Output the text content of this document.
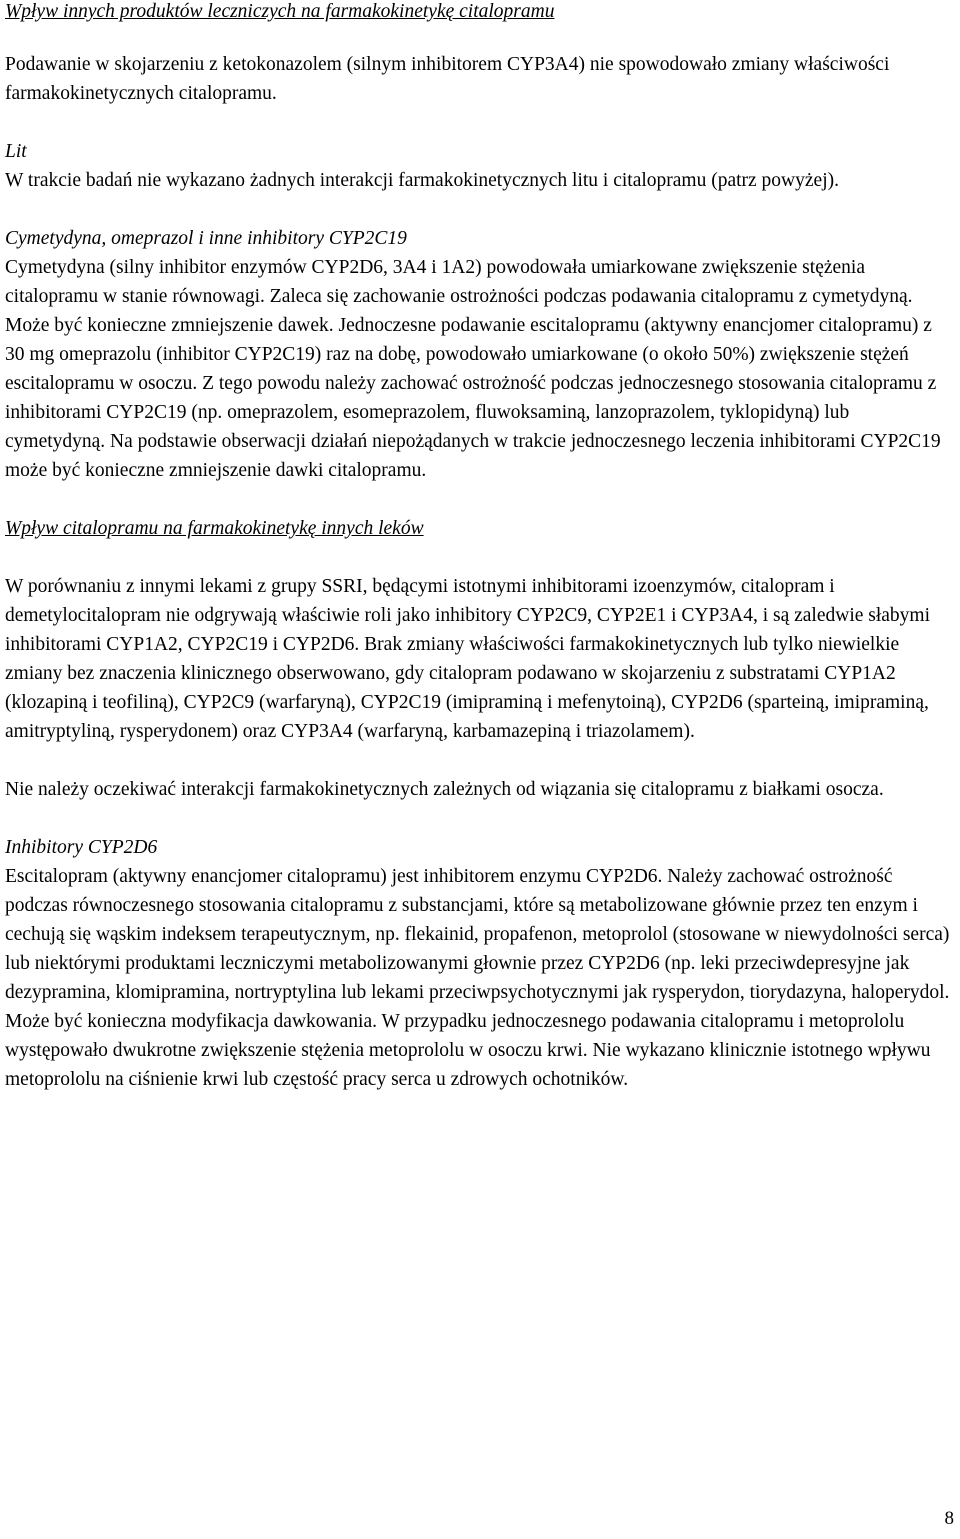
Wpływ innych produktów leczniczych na farmakokinetykę citalopramu

Podawanie w skojarzeniu z ketokonazolem (silnym inhibitorem CYP3A4) nie spowodowało zmiany właściwości farmakokinetycznych citalopramu.

Lit

W trakcie badań nie wykazano żadnych interakcji farmakokinetycznych litu i citalopramu (patrz powyżej).

Cymetydyna, omeprazol i inne inhibitory CYP2C19

Cymetydyna (silny inhibitor enzymów CYP2D6, 3A4 i 1A2) powodowała umiarkowane zwiększenie stężenia citalopramu w stanie równowagi. Zaleca się zachowanie ostrożności podczas podawania citalopramu z cymetydyną. Może być konieczne zmniejszenie dawek. Jednoczesne podawanie escitalopramu (aktywny enancjomer citalopramu) z 30 mg omeprazolu (inhibitor CYP2C19) raz na dobę, powodowało umiarkowane (o około 50%) zwiększenie stężeń escitalopramu w osoczu. Z tego powodu należy zachować ostrożność podczas jednoczesnego stosowania citalopramu z inhibitorami CYP2C19 (np. omeprazolem, esomeprazolem, fluwoksaminą, lanzoprazolem, tyklopidyną) lub cymetydyną. Na podstawie obserwacji działań niepożądanych w trakcie jednoczesnego leczenia inhibitorami CYP2C19 może być konieczne zmniejszenie dawki citalopramu.

Wpływ citalopramu na farmakokinetykę innych leków

W porównaniu z innymi lekami z grupy SSRI, będącymi istotnymi inhibitorami izoenzymów, citalopram i demetylocitalopram nie odgrywają właściwie roli jako inhibitory CYP2C9, CYP2E1 i CYP3A4, i są zaledwie słabymi inhibitorami CYP1A2, CYP2C19 i CYP2D6. Brak zmiany właściwości farmakokinetycznych lub tylko niewielkie zmiany bez znaczenia klinicznego obserwowano, gdy citalopram podawano w skojarzeniu z substratami CYP1A2 (klozapiną i teofiliną), CYP2C9 (warfaryną), CYP2C19 (imipraminą i mefenytoiną), CYP2D6 (sparteiną, imipraminą, amitryptyliną, rysperydonem) oraz CYP3A4 (warfaryną, karbamazepiną i triazolamem).

Nie należy oczekiwać interakcji farmakokinetycznych zależnych od wiązania się citalopramu z białkami osocza.

Inhibitory CYP2D6

Escitalopram (aktywny enancjomer citalopramu) jest inhibitorem enzymu CYP2D6. Należy zachować ostrożność podczas równoczesnego stosowania citalopramu z substancjami, które są metabolizowane głównie przez ten enzym i cechują się wąskim indeksem terapeutycznym, np. flekainid, propafenon, metoprolol (stosowane w niewydolności serca) lub niektórymi produktami leczniczymi metabolizowanymi głownie przez CYP2D6 (np. leki przeciwdepresyjne jak dezypramina, klomipramina, nortryptylina lub lekami przeciwpsychotycznymi jak rysperydon, tiorydazyna, haloperydol. Może być konieczna modyfikacja dawkowania. W przypadku jednoczesnego podawania citalopramu i metoprololu występowało dwukrotne zwiększenie stężenia metoprololu w osoczu krwi. Nie wykazano klinicznie istotnego wpływu metoprololu na ciśnienie krwi lub częstość pracy serca u zdrowych ochotników.

8
